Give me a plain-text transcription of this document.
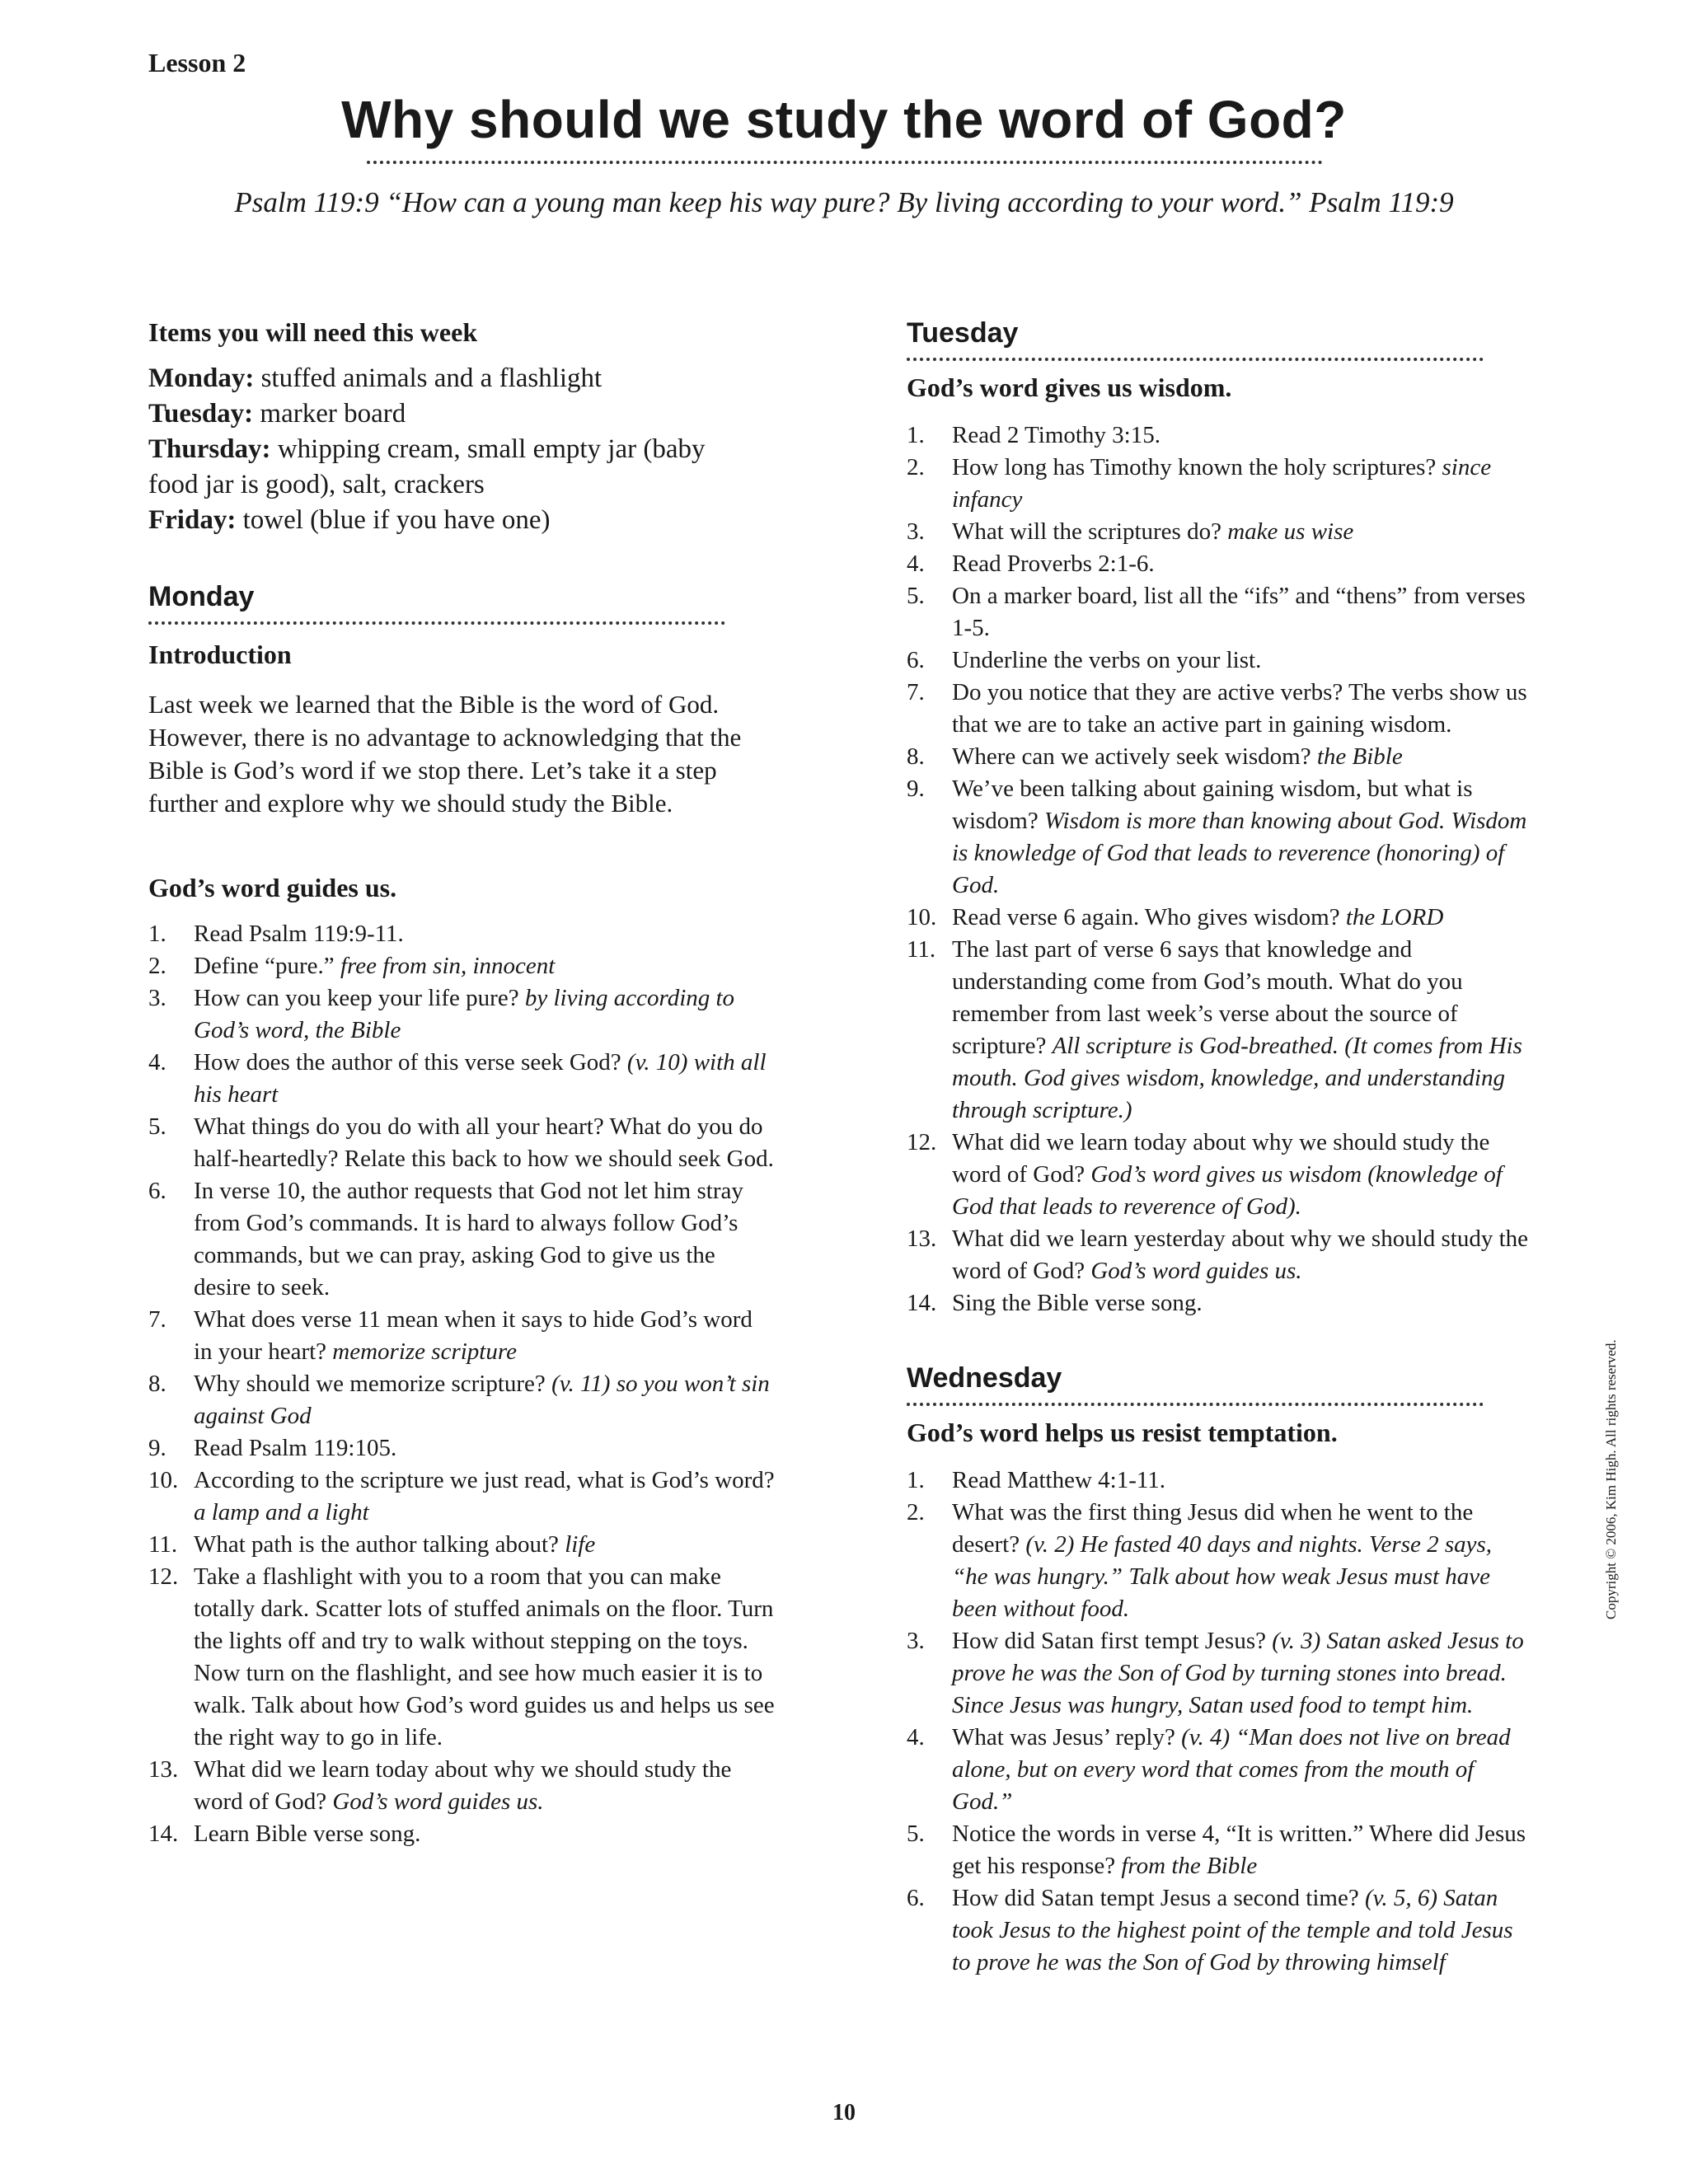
Lesson 2
Why should we study the word of God?
Psalm 119:9 “How can a young man keep his way pure? By living according to your word.” Psalm 119:9
Items you will need this week
Monday: stuffed animals and a flashlight
Tuesday: marker board
Thursday: whipping cream, small empty jar (baby food jar is good), salt, crackers
Friday: towel (blue if you have one)
Monday
Introduction

Last week we learned that the Bible is the word of God. However, there is no advantage to acknowledging that the Bible is God’s word if we stop there. Let’s take it a step further and explore why we should study the Bible.

God’s word guides us.
1.	Read Psalm 119:9-11.
2.	Define “pure.” free from sin, innocent
3.	How can you keep your life pure? by living according to God’s word, the Bible
4.	How does the author of this verse seek God? (v. 10) with all his heart
5.	What things do you do with all your heart? What do you do half-heartedly? Relate this back to how we should seek God.
6.	In verse 10, the author requests that God not let him stray from God’s commands. It is hard to always follow God’s commands, but we can pray, asking God to give us the desire to seek.
7.	What does verse 11 mean when it says to hide God’s word in your heart? memorize scripture
8.	Why should we memorize scripture? (v. 11) so you won’t sin against God
9.	Read Psalm 119:105.
10. According to the scripture we just read, what is God’s word? a lamp and a light
11. What path is the author talking about? life
12. Take a flashlight with you to a room that you can make totally dark. Scatter lots of stuffed animals on the floor. Turn the lights off and try to walk without stepping on the toys. Now turn on the flashlight, and see how much easier it is to walk. Talk about how God’s word guides us and helps us see the right way to go in life.
13. What did we learn today about why we should study the word of God? God’s word guides us.
14. Learn Bible verse song.
Tuesday
God’s word gives us wisdom.
1.	Read 2 Timothy 3:15.
2.	How long has Timothy known the holy scriptures? since infancy
3.	What will the scriptures do? make us wise
4.	Read Proverbs 2:1-6.
5.	On a marker board, list all the “ifs” and “thens” from verses 1-5.
6.	Underline the verbs on your list.
7.	Do you notice that they are active verbs? The verbs show us that we are to take an active part in gaining wisdom.
8.	Where can we actively seek wisdom? the Bible
9.	We’ve been talking about gaining wisdom, but what is wisdom? Wisdom is more than knowing about God. Wisdom is knowledge of God that leads to reverence (honoring) of God.
10. Read verse 6 again. Who gives wisdom? the LORD
11. The last part of verse 6 says that knowledge and understanding come from God’s mouth. What do you remember from last week’s verse about the source of scripture? All scripture is God-breathed. (It comes from His mouth. God gives wisdom, knowledge, and understanding through scripture.)
12. What did we learn today about why we should study the word of God? God’s word gives us wisdom (knowledge of God that leads to reverence of God).
13. What did we learn yesterday about why we should study the word of God? God’s word guides us.
14. Sing the Bible verse song.
Wednesday
God’s word helps us resist temptation.
1.	Read Matthew 4:1-11.
2.	What was the first thing Jesus did when he went to the desert? (v. 2) He fasted 40 days and nights. Verse 2 says, “he was hungry.” Talk about how weak Jesus must have been without food.
3.	How did Satan first tempt Jesus? (v. 3) Satan asked Jesus to prove he was the Son of God by turning stones into bread. Since Jesus was hungry, Satan used food to tempt him.
4.	What was Jesus’ reply? (v. 4) “Man does not live on bread alone, but on every word that comes from the mouth of God.”
5.	Notice the words in verse 4, “It is written.” Where did Jesus get his response? from the Bible
6.	How did Satan tempt Jesus a second time? (v. 5, 6) Satan took Jesus to the highest point of the temple and told Jesus to prove he was the Son of God by throwing himself
Copyright © 2006, Kim High. All rights reserved.
10
